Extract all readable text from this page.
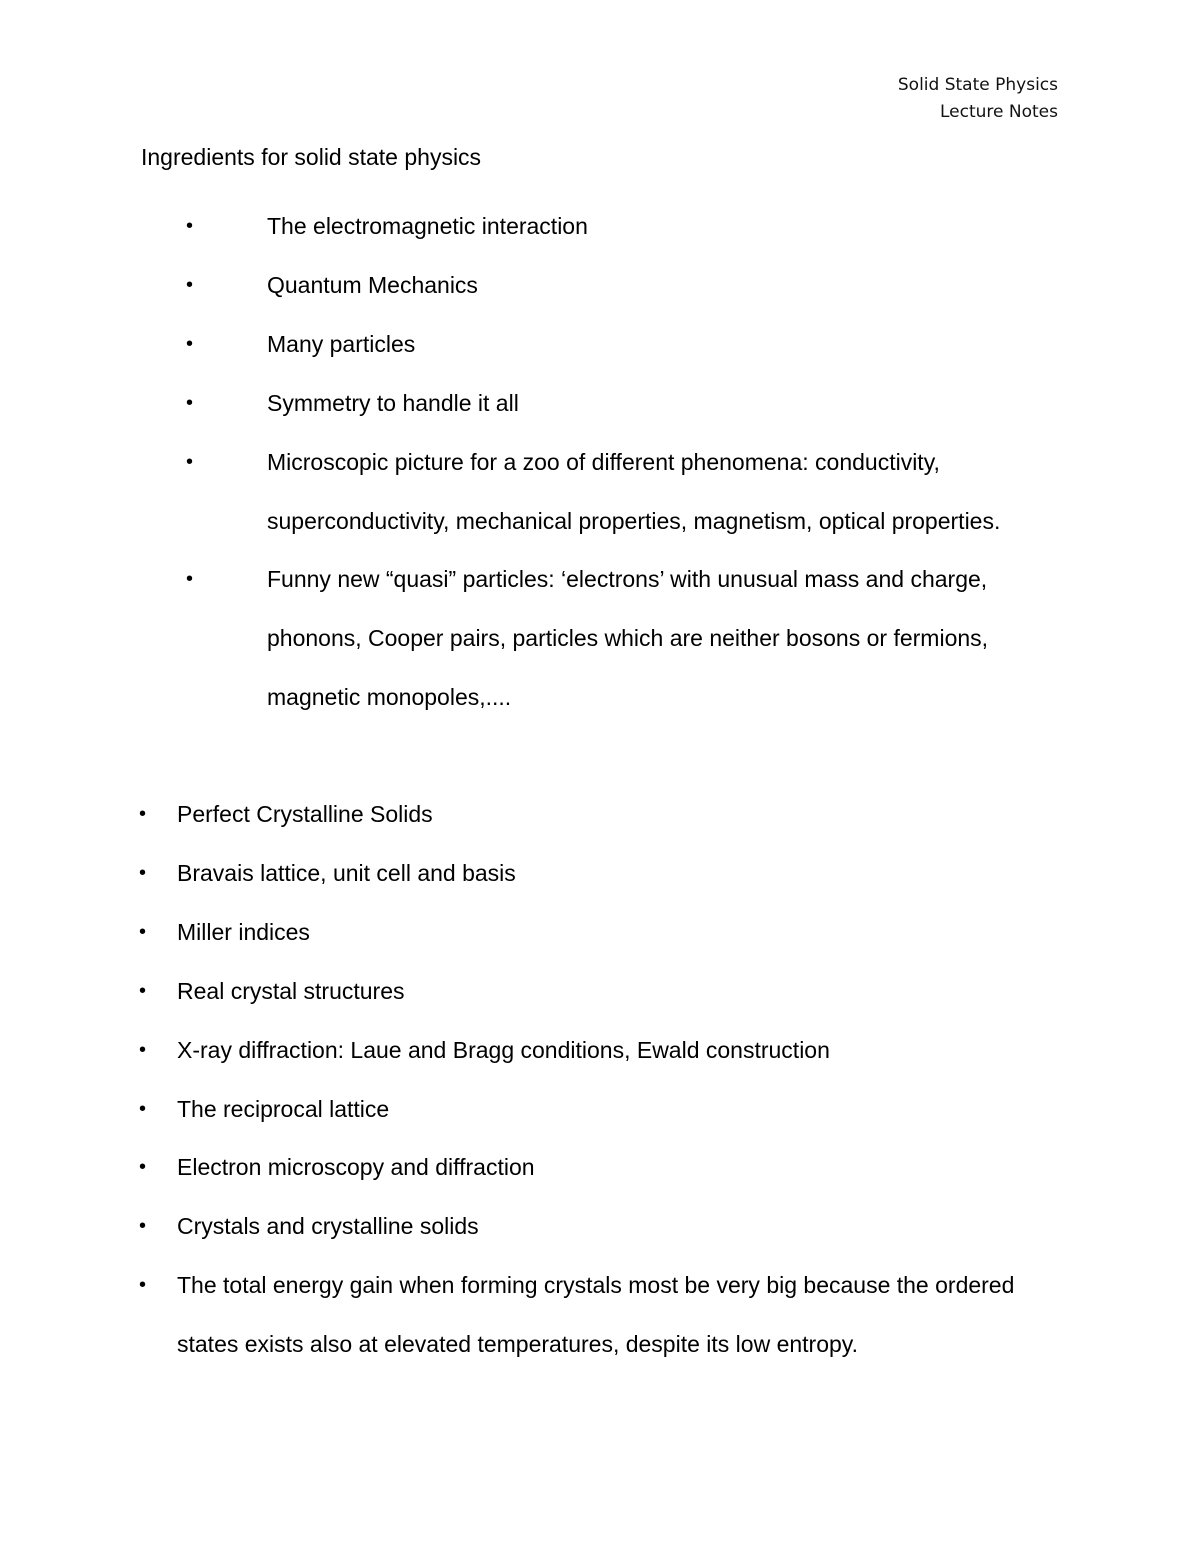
Solid State Physics
Lecture Notes
Ingredients for solid state physics
•	The electromagnetic interaction
•	Quantum Mechanics
•	Many particles
•	Symmetry to handle it all
•	Microscopic picture for a zoo of different phenomena: conductivity, superconductivity, mechanical properties, magnetism, optical properties.
•	Funny new “quasi” particles: ‘electrons’ with unusual mass and charge, phonons, Cooper pairs, particles which are neither bosons or fermions, magnetic monopoles,....
• Perfect Crystalline Solids
• Bravais lattice, unit cell and basis
• Miller indices
• Real crystal structures
• X-ray diffraction: Laue and Bragg conditions, Ewald construction
• The reciprocal lattice
• Electron microscopy and diffraction
• Crystals and crystalline solids
• The total energy gain when forming crystals most be very big because the ordered states exists also at elevated temperatures, despite its low entropy.
